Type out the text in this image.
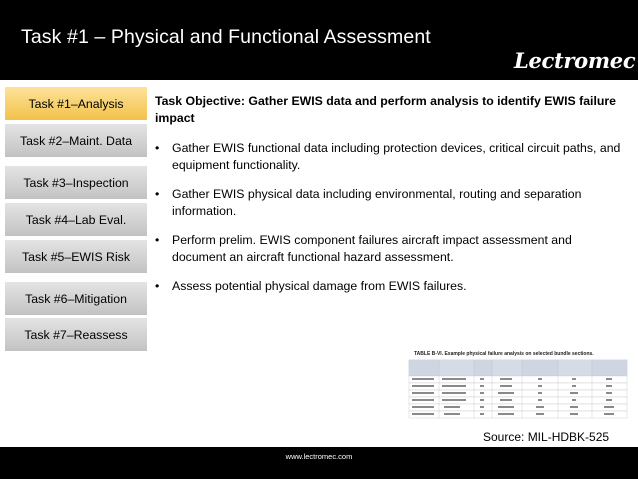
Task #1 – Physical and Functional Assessment
Lectromec
Task #1–Analysis
Task #2–Maint. Data
Task #3–Inspection
Task #4–Lab Eval.
Task #5–EWIS Risk
Task #6–Mitigation
Task #7–Reassess
Task Objective: Gather EWIS data and perform analysis to identify EWIS failure impact
• Gather EWIS functional data including protection devices, critical circuit paths, and equipment functionality.
• Gather EWIS physical data including environmental, routing and separation information.
• Perform prelim. EWIS component failures aircraft impact assessment and document an aircraft functional hazard assessment.
• Assess potential physical damage from EWIS failures.
TABLE B-VI. Example physical failure analysis on selected bundle sections.
Source: MIL-HDBK-525
www.lectromec.com
